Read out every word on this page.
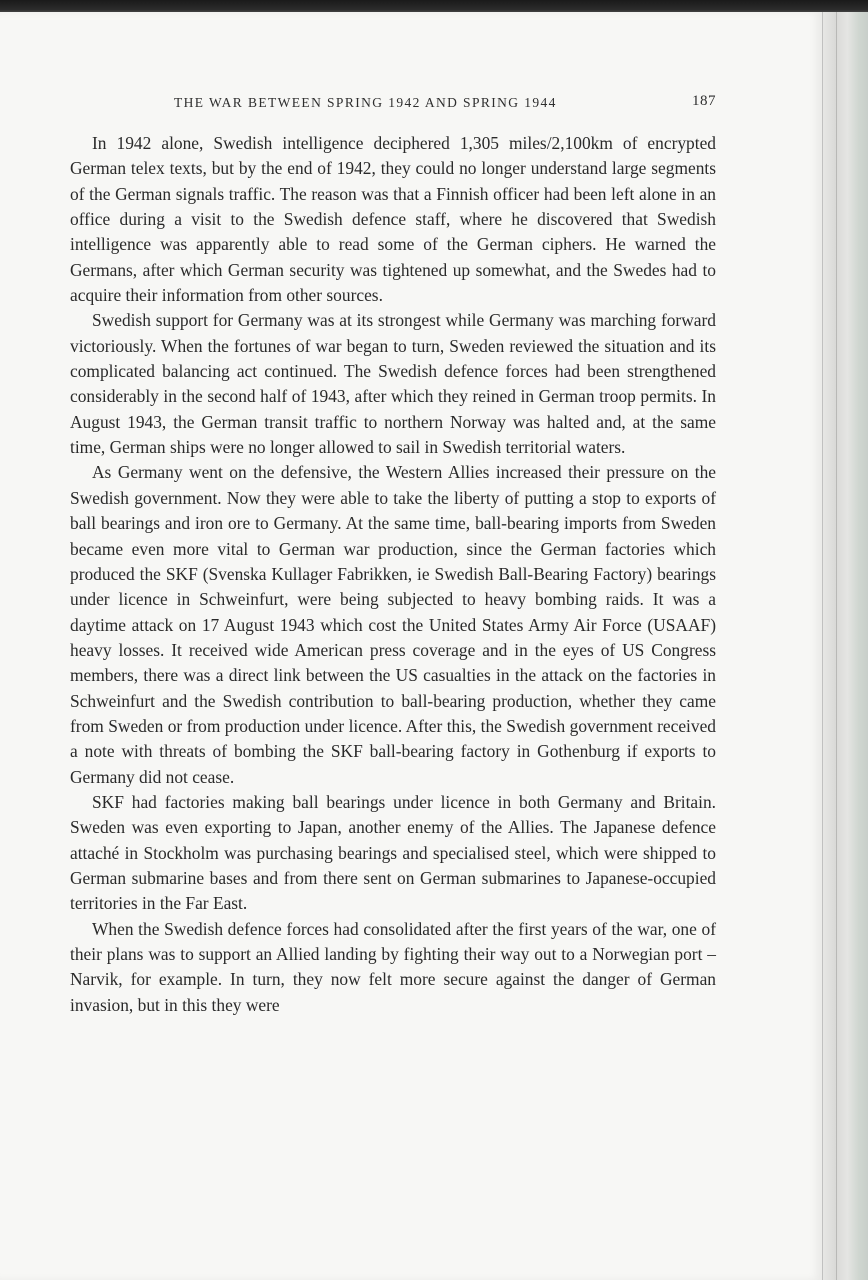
THE WAR BETWEEN SPRING 1942 AND SPRING 1944	187

In 1942 alone, Swedish intelligence deciphered 1,305 miles/2,100km of encrypted German telex texts, but by the end of 1942, they could no longer understand large segments of the German signals traffic. The reason was that a Finnish officer had been left alone in an office during a visit to the Swedish defence staff, where he discovered that Swedish intelligence was apparently able to read some of the German ciphers. He warned the Germans, after which German security was tightened up somewhat, and the Swedes had to acquire their information from other sources.

Swedish support for Germany was at its strongest while Germany was marching forward victoriously. When the fortunes of war began to turn, Sweden reviewed the situation and its complicated balancing act continued. The Swedish defence forces had been strengthened considerably in the second half of 1943, after which they reined in German troop permits. In August 1943, the German transit traffic to northern Norway was halted and, at the same time, German ships were no longer allowed to sail in Swedish territorial waters.

As Germany went on the defensive, the Western Allies increased their pressure on the Swedish government. Now they were able to take the liberty of putting a stop to exports of ball bearings and iron ore to Germany. At the same time, ball-bearing imports from Sweden became even more vital to German war production, since the German factories which produced the SKF (Svenska Kullager Fabrikken, ie Swedish Ball-Bearing Factory) bearings under licence in Schweinfurt, were being subjected to heavy bombing raids. It was a daytime attack on 17 August 1943 which cost the United States Army Air Force (USAAF) heavy losses. It received wide American press coverage and in the eyes of US Congress members, there was a direct link between the US casualties in the attack on the factories in Schweinfurt and the Swedish contribution to ball-bearing production, whether they came from Sweden or from production under licence. After this, the Swedish government received a note with threats of bombing the SKF ball-bearing factory in Gothenburg if exports to Germany did not cease.

SKF had factories making ball bearings under licence in both Germany and Britain. Sweden was even exporting to Japan, another enemy of the Allies. The Japanese defence attaché in Stockholm was purchasing bearings and specialised steel, which were shipped to German submarine bases and from there sent on German submarines to Japanese-occupied territories in the Far East.

When the Swedish defence forces had consolidated after the first years of the war, one of their plans was to support an Allied landing by fighting their way out to a Norwegian port – Narvik, for example. In turn, they now felt more secure against the danger of German invasion, but in this they were
